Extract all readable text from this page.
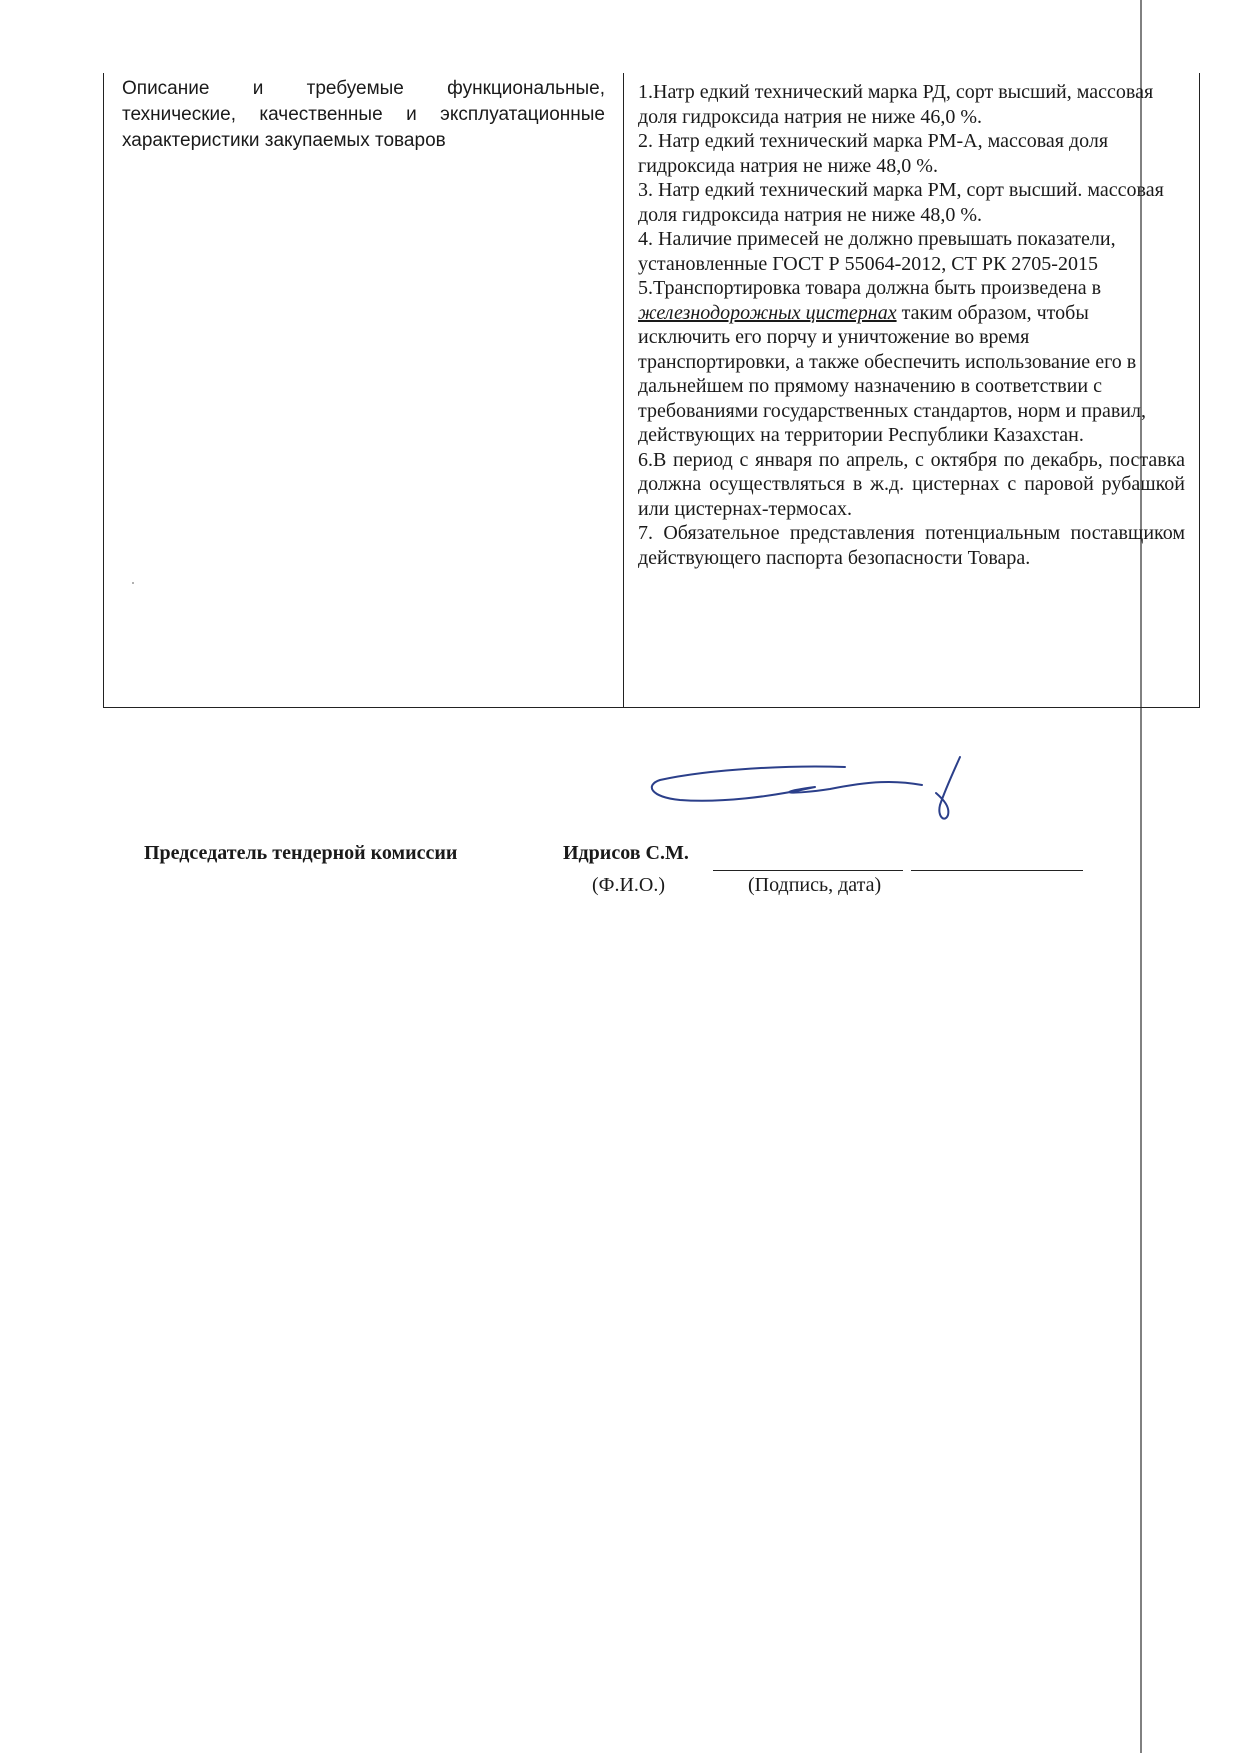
Описание и требуемые функциональные, технические, качественные и эксплуатационные характеристики закупаемых товаров

1.Натр едкий технический марка РД, сорт высший, массовая доля гидроксида натрия не ниже 46,0 %.

2. Натр едкий технический марка РМ-А, массовая доля гидроксида натрия не ниже 48,0 %.

3. Натр едкий технический марка РМ, сорт высший. массовая доля гидроксида натрия не ниже 48,0 %.

4. Наличие примесей не должно превышать показатели, установленные ГОСТ Р 55064-2012, СТ РК 2705-2015

5.Транспортировка товара должна быть произведена в железнодорожных цистернах таким образом, чтобы исключить его порчу и уничтожение во время транспортировки, а также обеспечить использование его в дальнейшем по прямому назначению в соответствии с требованиями государственных стандартов, норм и правил, действующих на территории Республики Казахстан.

6.В период с января по апрель, с октября по декабрь, поставка должна осуществляться в ж.д. цистернах с паровой рубашкой или цистернах-термосах.

7. Обязательное представления потенциальным поставщиком действующего паспорта безопасности Товара.

Председатель тендерной комиссии	Идрисов С.М.
(Ф.И.О.)	(Подпись, дата)
